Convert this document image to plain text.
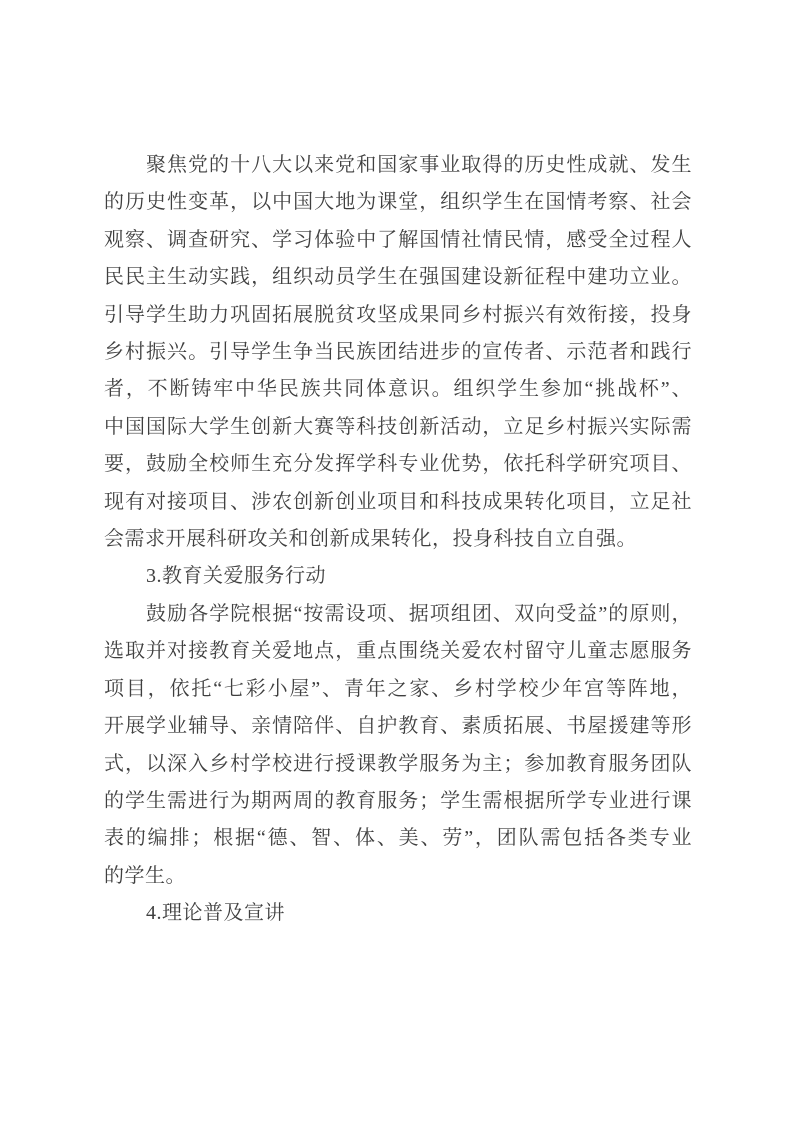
聚焦党的十八大以来党和国家事业取得的历史性成就、发生
的历史性变革，以中国大地为课堂，组织学生在国情考察、社会
观察、调查研究、学习体验中了解国情社情民情，感受全过程人
民民主生动实践，组织动员学生在强国建设新征程中建功立业。
引导学生助力巩固拓展脱贫攻坚成果同乡村振兴有效衔接，投身
乡村振兴。引导学生争当民族团结进步的宣传者、示范者和践行
者，不断铸牢中华民族共同体意识。组织学生参加“挑战杯”、
中国国际大学生创新大赛等科技创新活动，立足乡村振兴实际需
要，鼓励全校师生充分发挥学科专业优势，依托科学研究项目、
现有对接项目、涉农创新创业项目和科技成果转化项目，立足社
会需求开展科研攻关和创新成果转化，投身科技自立自强。
3.教育关爱服务行动
鼓励各学院根据“按需设项、据项组团、双向受益”的原则，
选取并对接教育关爱地点，重点围绕关爱农村留守儿童志愿服务
项目，依托“七彩小屋”、青年之家、乡村学校少年宫等阵地，
开展学业辅导、亲情陪伴、自护教育、素质拓展、书屋援建等形
式，以深入乡村学校进行授课教学服务为主；参加教育服务团队
的学生需进行为期两周的教育服务；学生需根据所学专业进行课
表的编排；根据“德、智、体、美、劳”，团队需包括各类专业
的学生。
4.理论普及宣讲
